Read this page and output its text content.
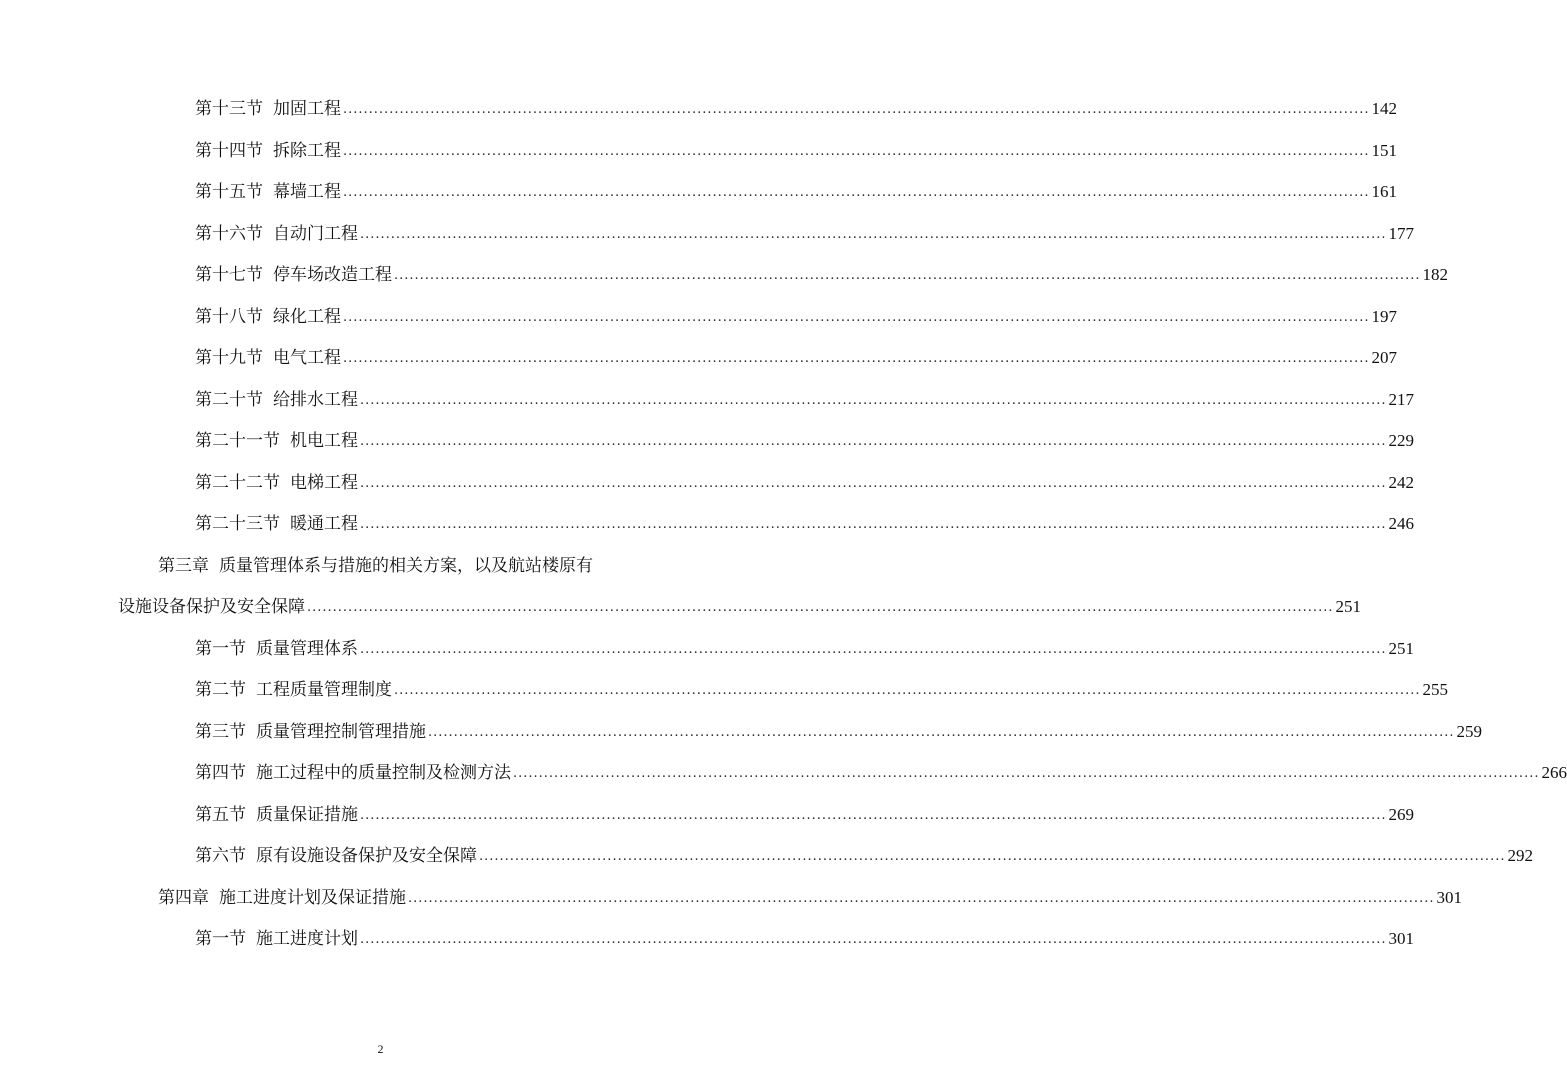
第十三节 加固工程 ........................................................................................................................................................................................................ 142
第十四节 拆除工程 ........................................................................................................................................................................................................ 151
第十五节 幕墙工程 ........................................................................................................................................................................................................ 161
第十六节 自动门工程 ........................................................................................................................................................................................................ 177
第十七节 停车场改造工程 ........................................................................................................................................................................................................ 182
第十八节 绿化工程 ........................................................................................................................................................................................................ 197
第十九节 电气工程 ........................................................................................................................................................................................................ 207
第二十节 给排水工程 ........................................................................................................................................................................................................ 217
第二十一节 机电工程 ........................................................................................................................................................................................................ 229
第二十二节 电梯工程 ........................................................................................................................................................................................................ 242
第二十三节 暖通工程 ........................................................................................................................................................................................................ 246
第三章 质量管理体系与措施的相关方案，以及航站楼原有
设施设备保护及安全保障 ........................................................................................................................................................................................................ 251
第一节 质量管理体系 ........................................................................................................................................................................................................ 251
第二节 工程质量管理制度 ........................................................................................................................................................................................................ 255
第三节 质量管理控制管理措施 ........................................................................................................................................................................................................ 259
第四节 施工过程中的质量控制及检测方法 ........................................................................................................................................................................................................ 266
第五节 质量保证措施 ........................................................................................................................................................................................................ 269
第六节 原有设施设备保护及安全保障 ........................................................................................................................................................................................................ 292
第四章 施工进度计划及保证措施 ........................................................................................................................................................................................................ 301
第一节 施工进度计划 ........................................................................................................................................................................................................ 301
2
